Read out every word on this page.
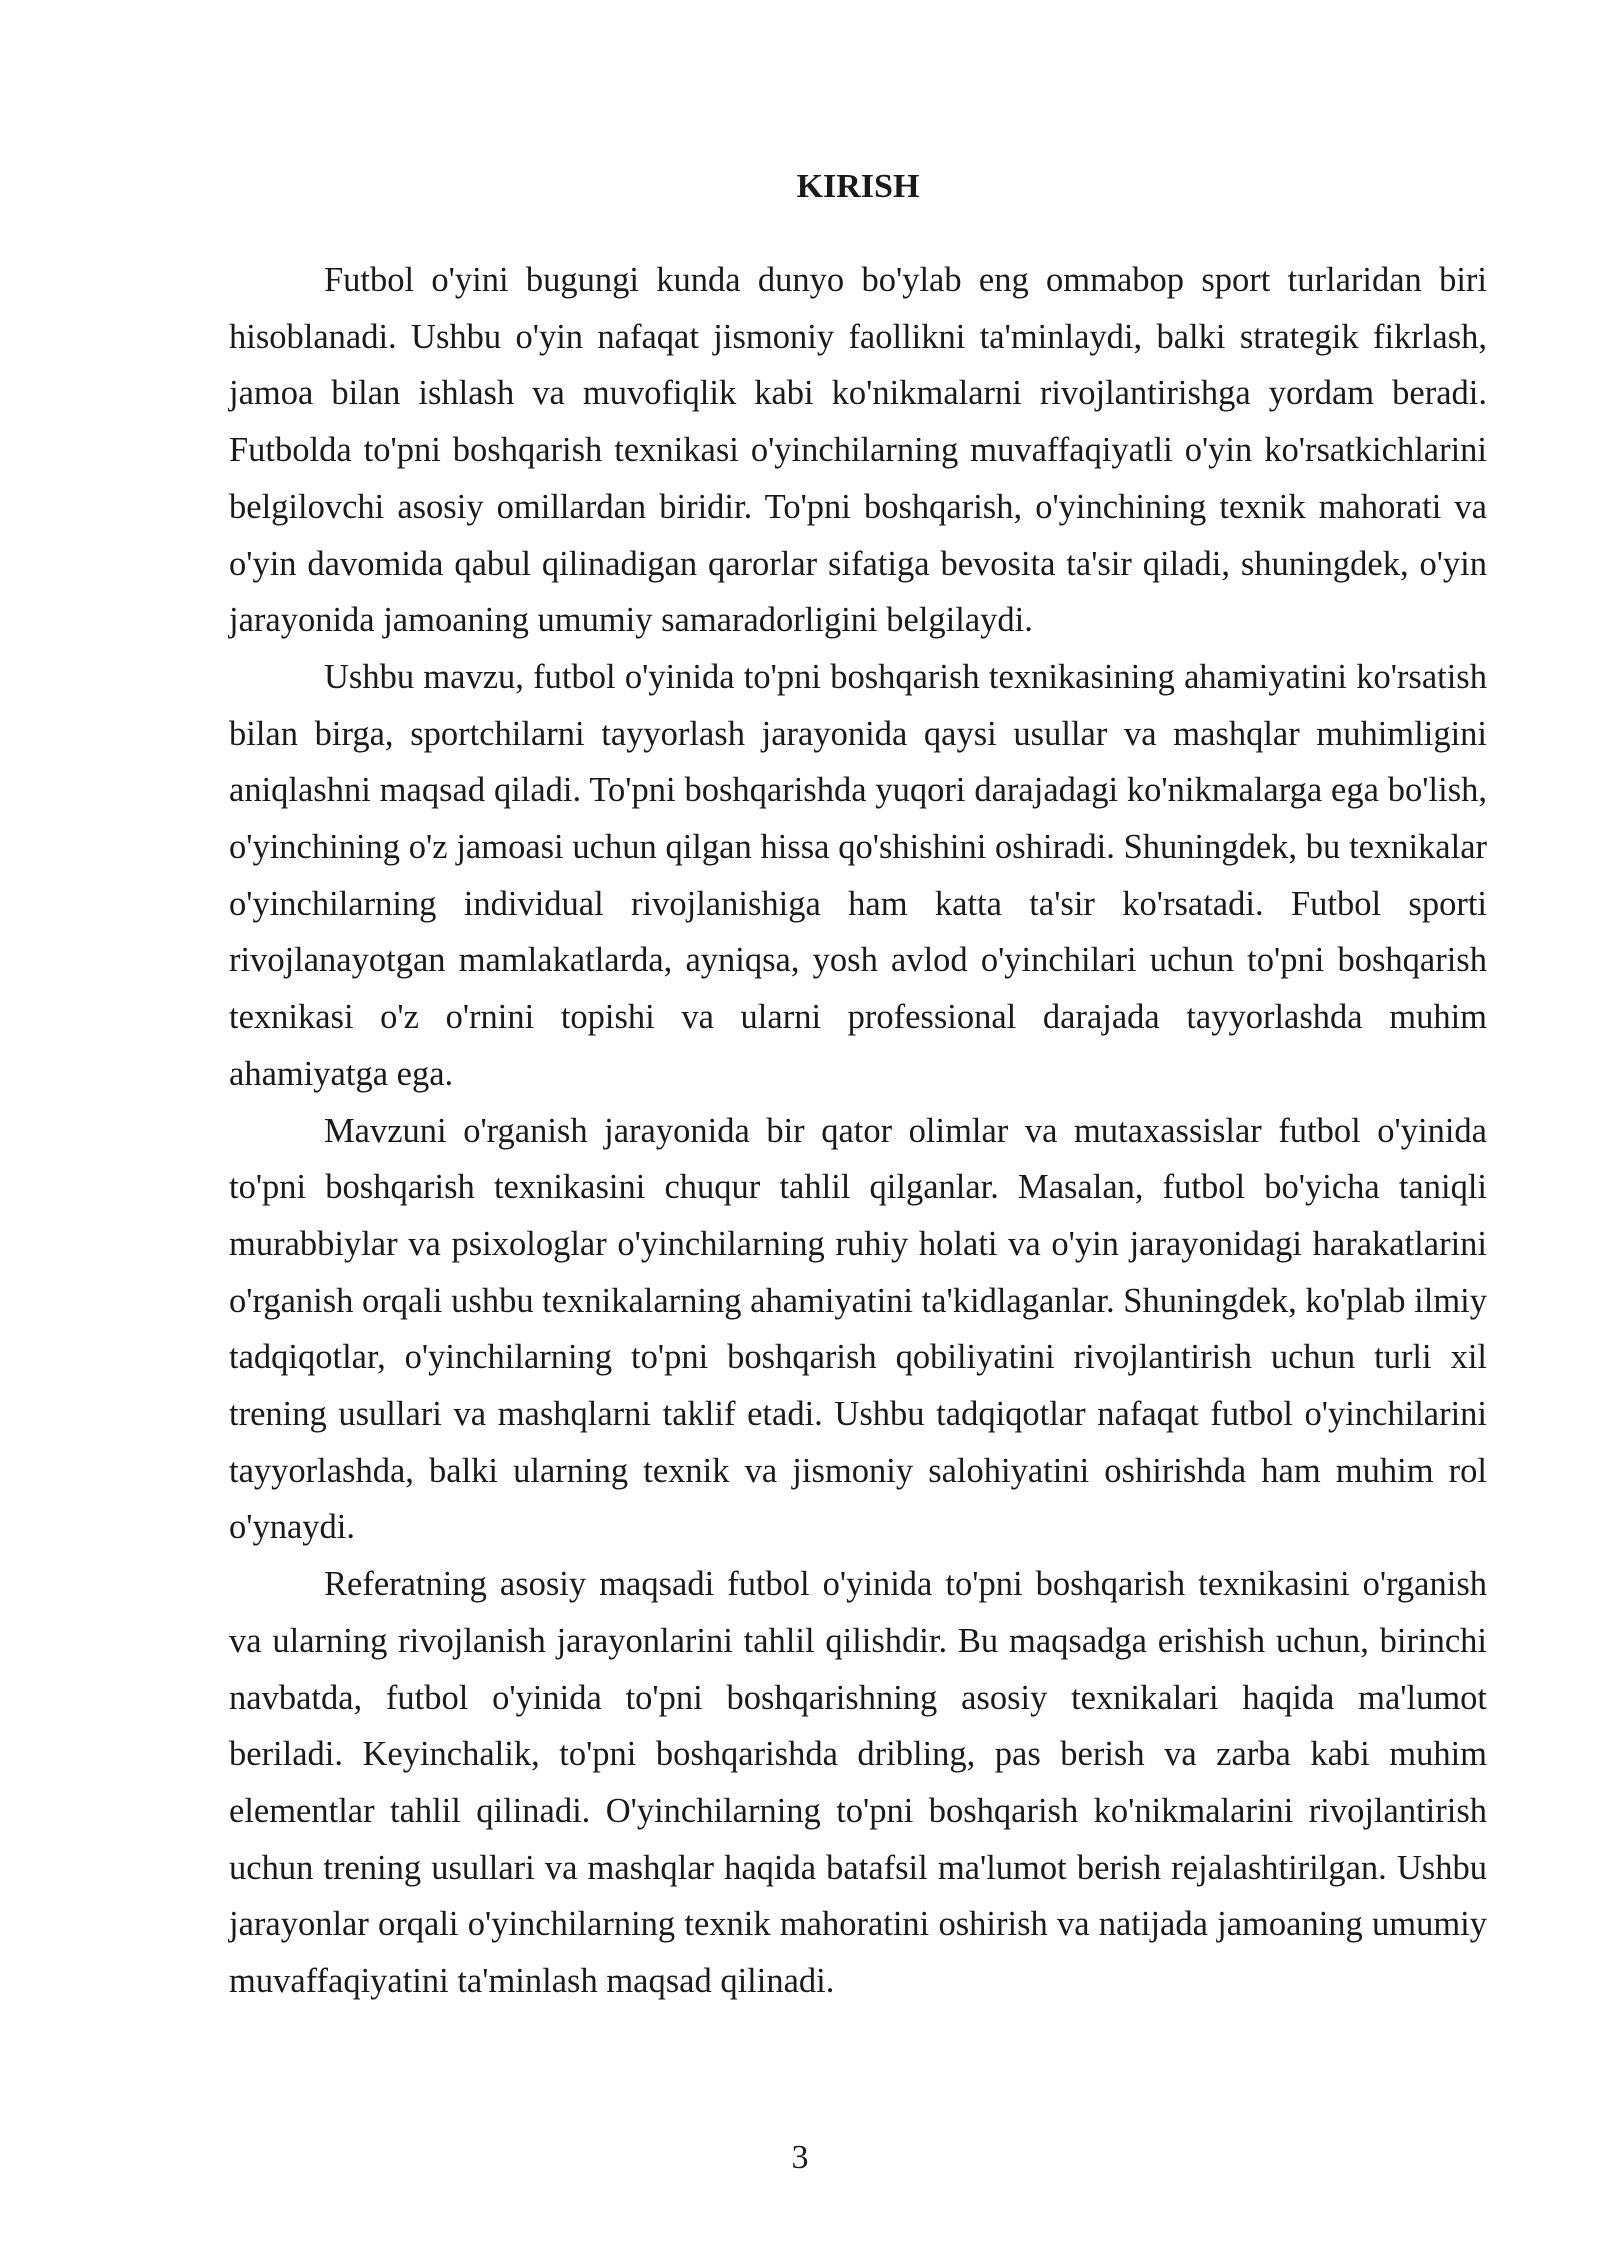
KIRISH

Futbol o'yini bugungi kunda dunyo bo'ylab eng ommabop sport turlaridan biri hisoblanadi. Ushbu o'yin nafaqat jismoniy faollikni ta'minlaydi, balki strategik fikrlash, jamoa bilan ishlash va muvofiqlik kabi ko'nikmalarni rivojlantirishga yordam beradi. Futbolda to'pni boshqarish texnikasi o'yinchilarning muvaffaqiyatli o'yin ko'rsatkichlarini belgilovchi asosiy omillardan biridir. To'pni boshqarish, o'yinchining texnik mahorati va o'yin davomida qabul qilinadigan qarorlar sifatiga bevosita ta'sir qiladi, shuningdek, o'yin jarayonida jamoaning umumiy samaradorligini belgilaydi.

Ushbu mavzu, futbol o'yinida to'pni boshqarish texnikasining ahamiyatini ko'rsatish bilan birga, sportchilarni tayyorlash jarayonida qaysi usullar va mashqlar muhimligini aniqlashni maqsad qiladi. To'pni boshqarishda yuqori darajadagi ko'nikmalarga ega bo'lish, o'yinchining o'z jamoasi uchun qilgan hissa qo'shishini oshiradi. Shuningdek, bu texnikalar o'yinchilarning individual rivojlanishiga ham katta ta'sir ko'rsatadi. Futbol sporti rivojlanayotgan mamlakatlarda, ayniqsa, yosh avlod o'yinchilari uchun to'pni boshqarish texnikasi o'z o'rnini topishi va ularni professional darajada tayyorlashda muhim ahamiyatga ega.

Mavzuni o'rganish jarayonida bir qator olimlar va mutaxassislar futbol o'yinida to'pni boshqarish texnikasini chuqur tahlil qilganlar. Masalan, futbol bo'yicha taniqli murabbiylar va psixologlar o'yinchilarning ruhiy holati va o'yin jarayonidagi harakatlarini o'rganish orqali ushbu texnikalarning ahamiyatini ta'kidlaganlar. Shuningdek, ko'plab ilmiy tadqiqotlar, o'yinchilarning to'pni boshqarish qobiliyatini rivojlantirish uchun turli xil trening usullari va mashqlarni taklif etadi. Ushbu tadqiqotlar nafaqat futbol o'yinchilarini tayyorlashda, balki ularning texnik va jismoniy salohiyatini oshirishda ham muhim rol o'ynaydi.

Referatning asosiy maqsadi futbol o'yinida to'pni boshqarish texnikasini o'rganish va ularning rivojlanish jarayonlarini tahlil qilishdir. Bu maqsadga erishish uchun, birinchi navbatda, futbol o'yinida to'pni boshqarishning asosiy texnikalari haqida ma'lumot beriladi. Keyinchalik, to'pni boshqarishda dribling, pas berish va zarba kabi muhim elementlar tahlil qilinadi. O'yinchilarning to'pni boshqarish ko'nikmalarini rivojlantirish uchun trening usullari va mashqlar haqida batafsil ma'lumot berish rejalashtirilgan. Ushbu jarayonlar orqali o'yinchilarning texnik mahoratini oshirish va natijada jamoaning umumiy muvaffaqiyatini ta'minlash maqsad qilinadi.

3
